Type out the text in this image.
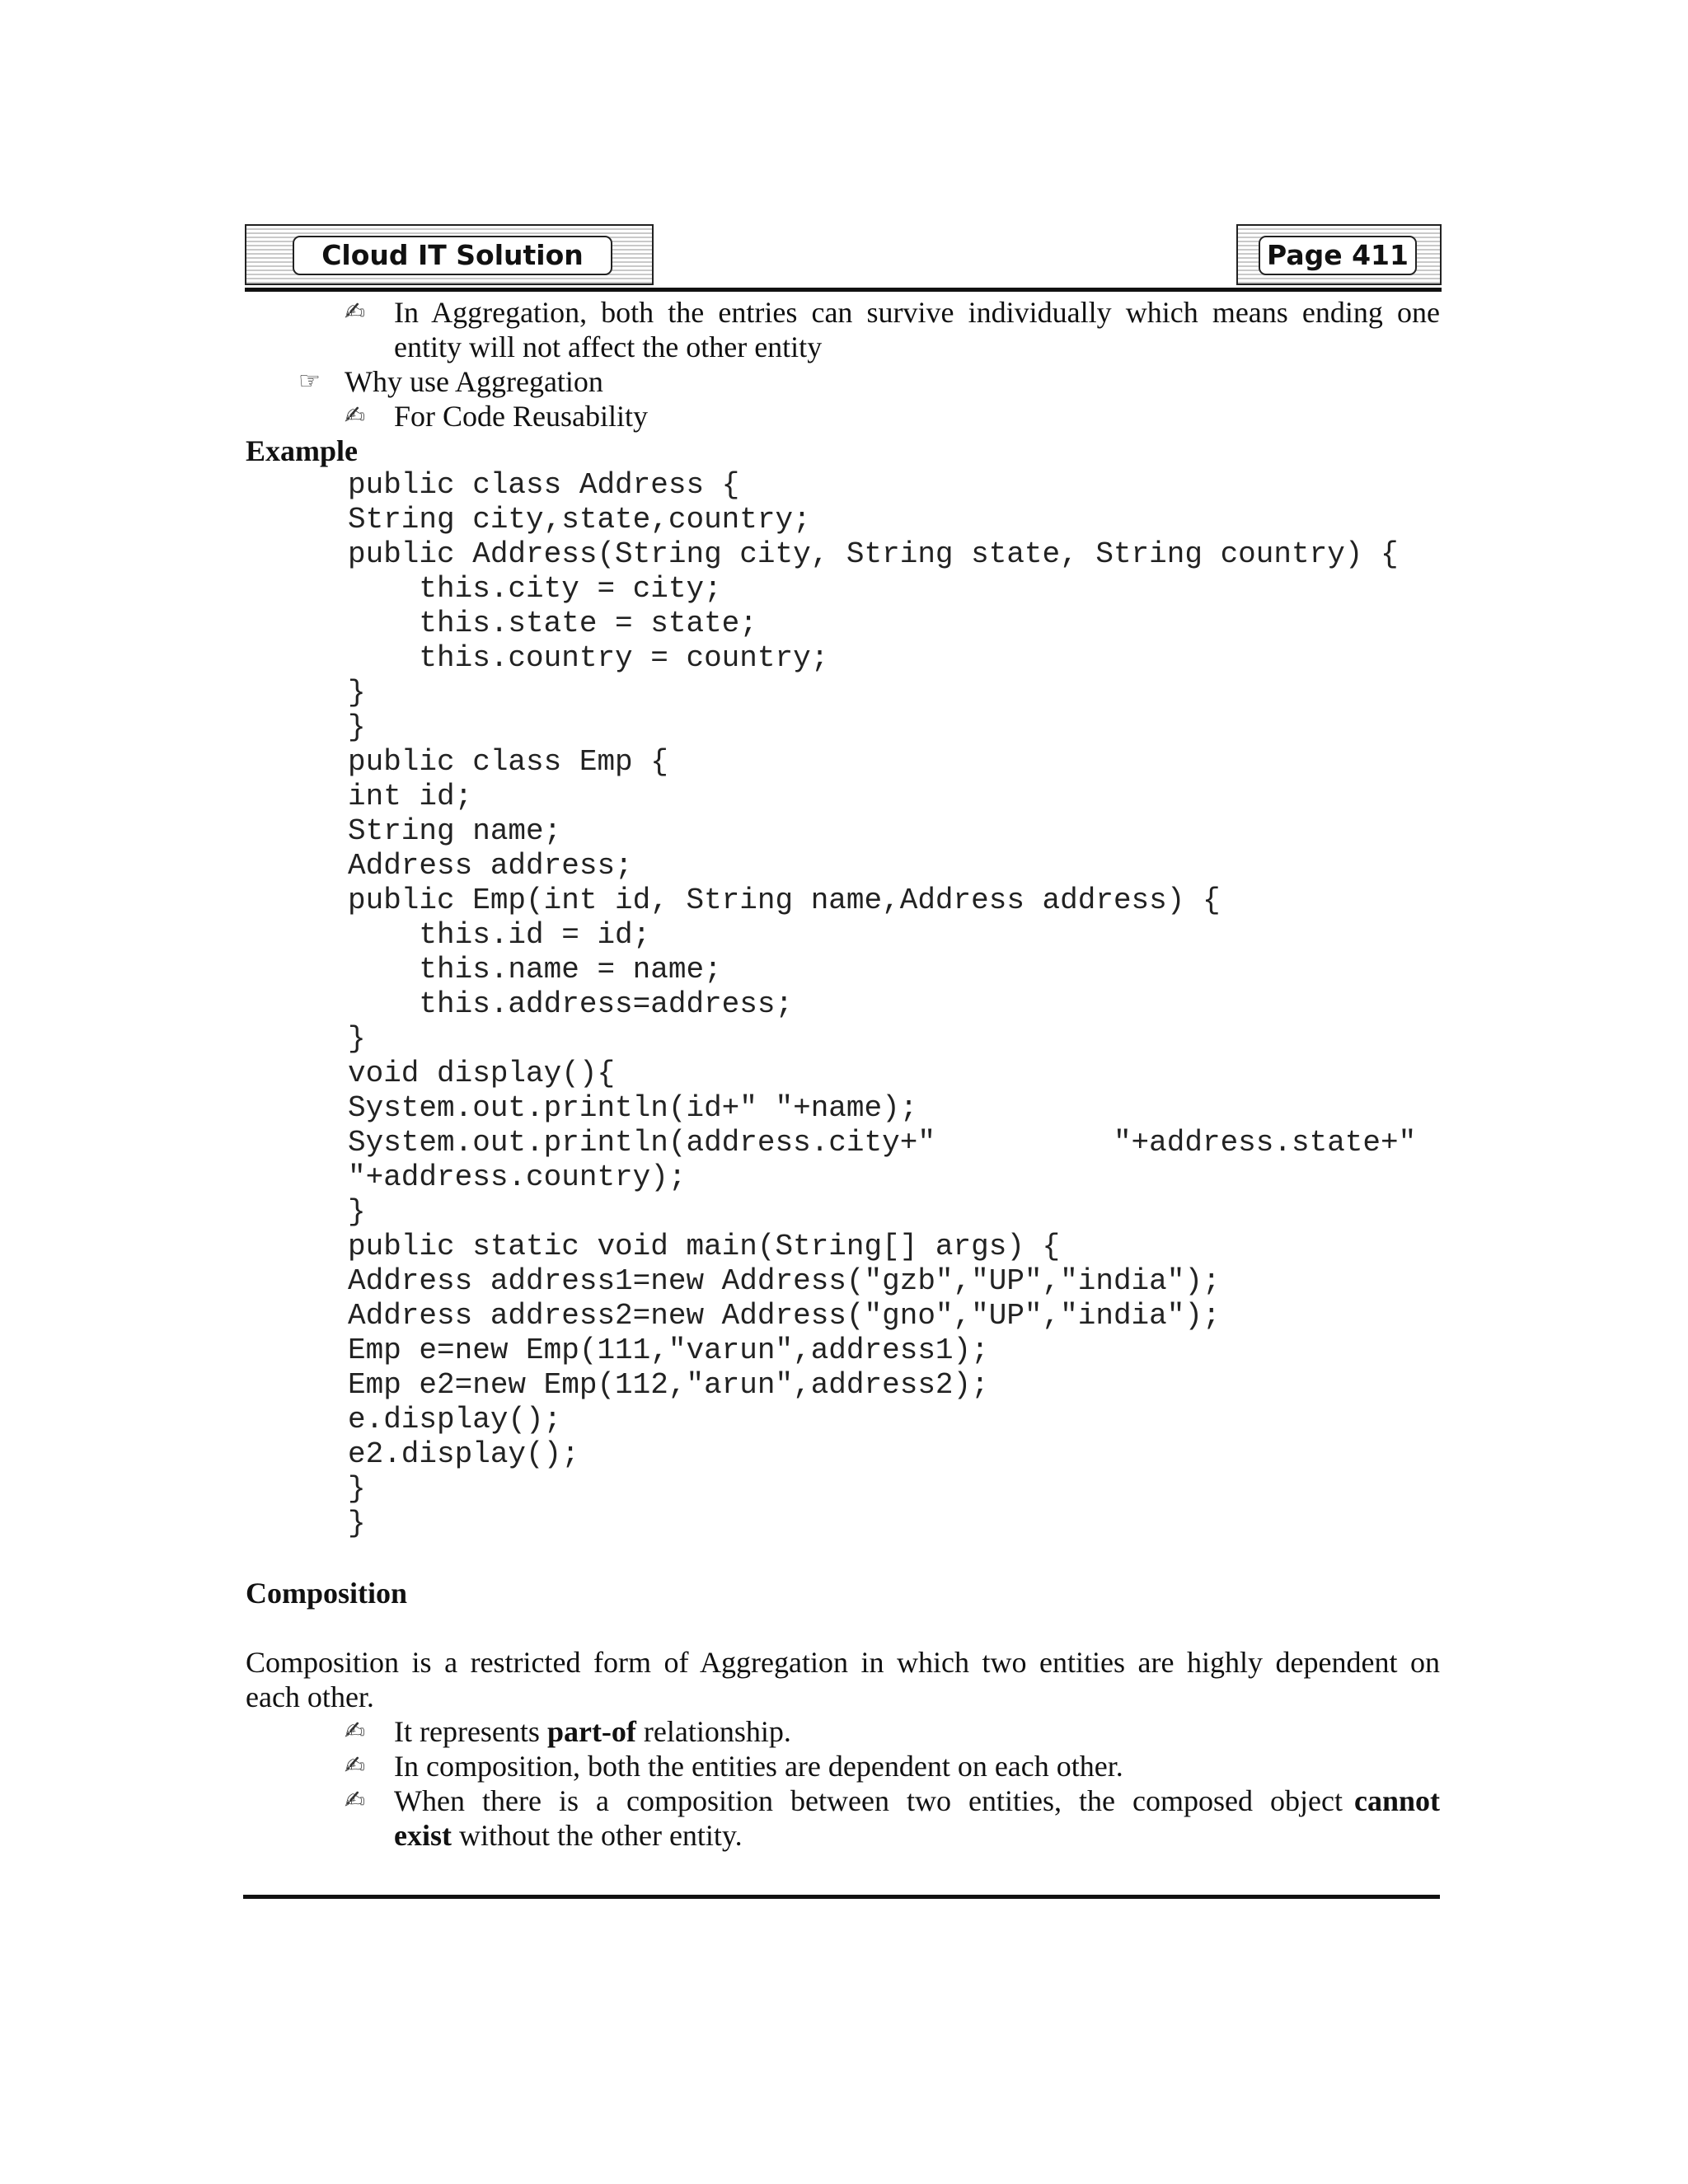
Cloud IT Solution	Page 411
✍ In Aggregation, both the entries can survive individually which means ending one
entity will not affect the other entity
☞ Why use Aggregation
✍ For Code Reusability
Example
public class Address {
String city,state,country;
public Address(String city, String state, String country) {
this.city = city;
this.state = state;
this.country = country;
}
}
public class Emp {
int id;
String name;
Address address;
public Emp(int id, String name,Address address) {
this.id = id;
this.name = name;
this.address=address;
}
void display(){
System.out.println(id+" "+name);
System.out.println(address.city+"          "+address.state+"
"+address.country);
}
public static void main(String[] args) {
Address address1=new Address("gzb","UP","india");
Address address2=new Address("gno","UP","india");
Emp e=new Emp(111,"varun",address1);
Emp e2=new Emp(112,"arun",address2);
e.display();
e2.display();
}
}
Composition
Composition is a restricted form of Aggregation in which two entities are highly dependent on
each other.
✍ It represents part-of relationship.
✍ In composition, both the entities are dependent on each other.
✍ When there is a composition between two entities, the composed object cannot
exist without the other entity.
